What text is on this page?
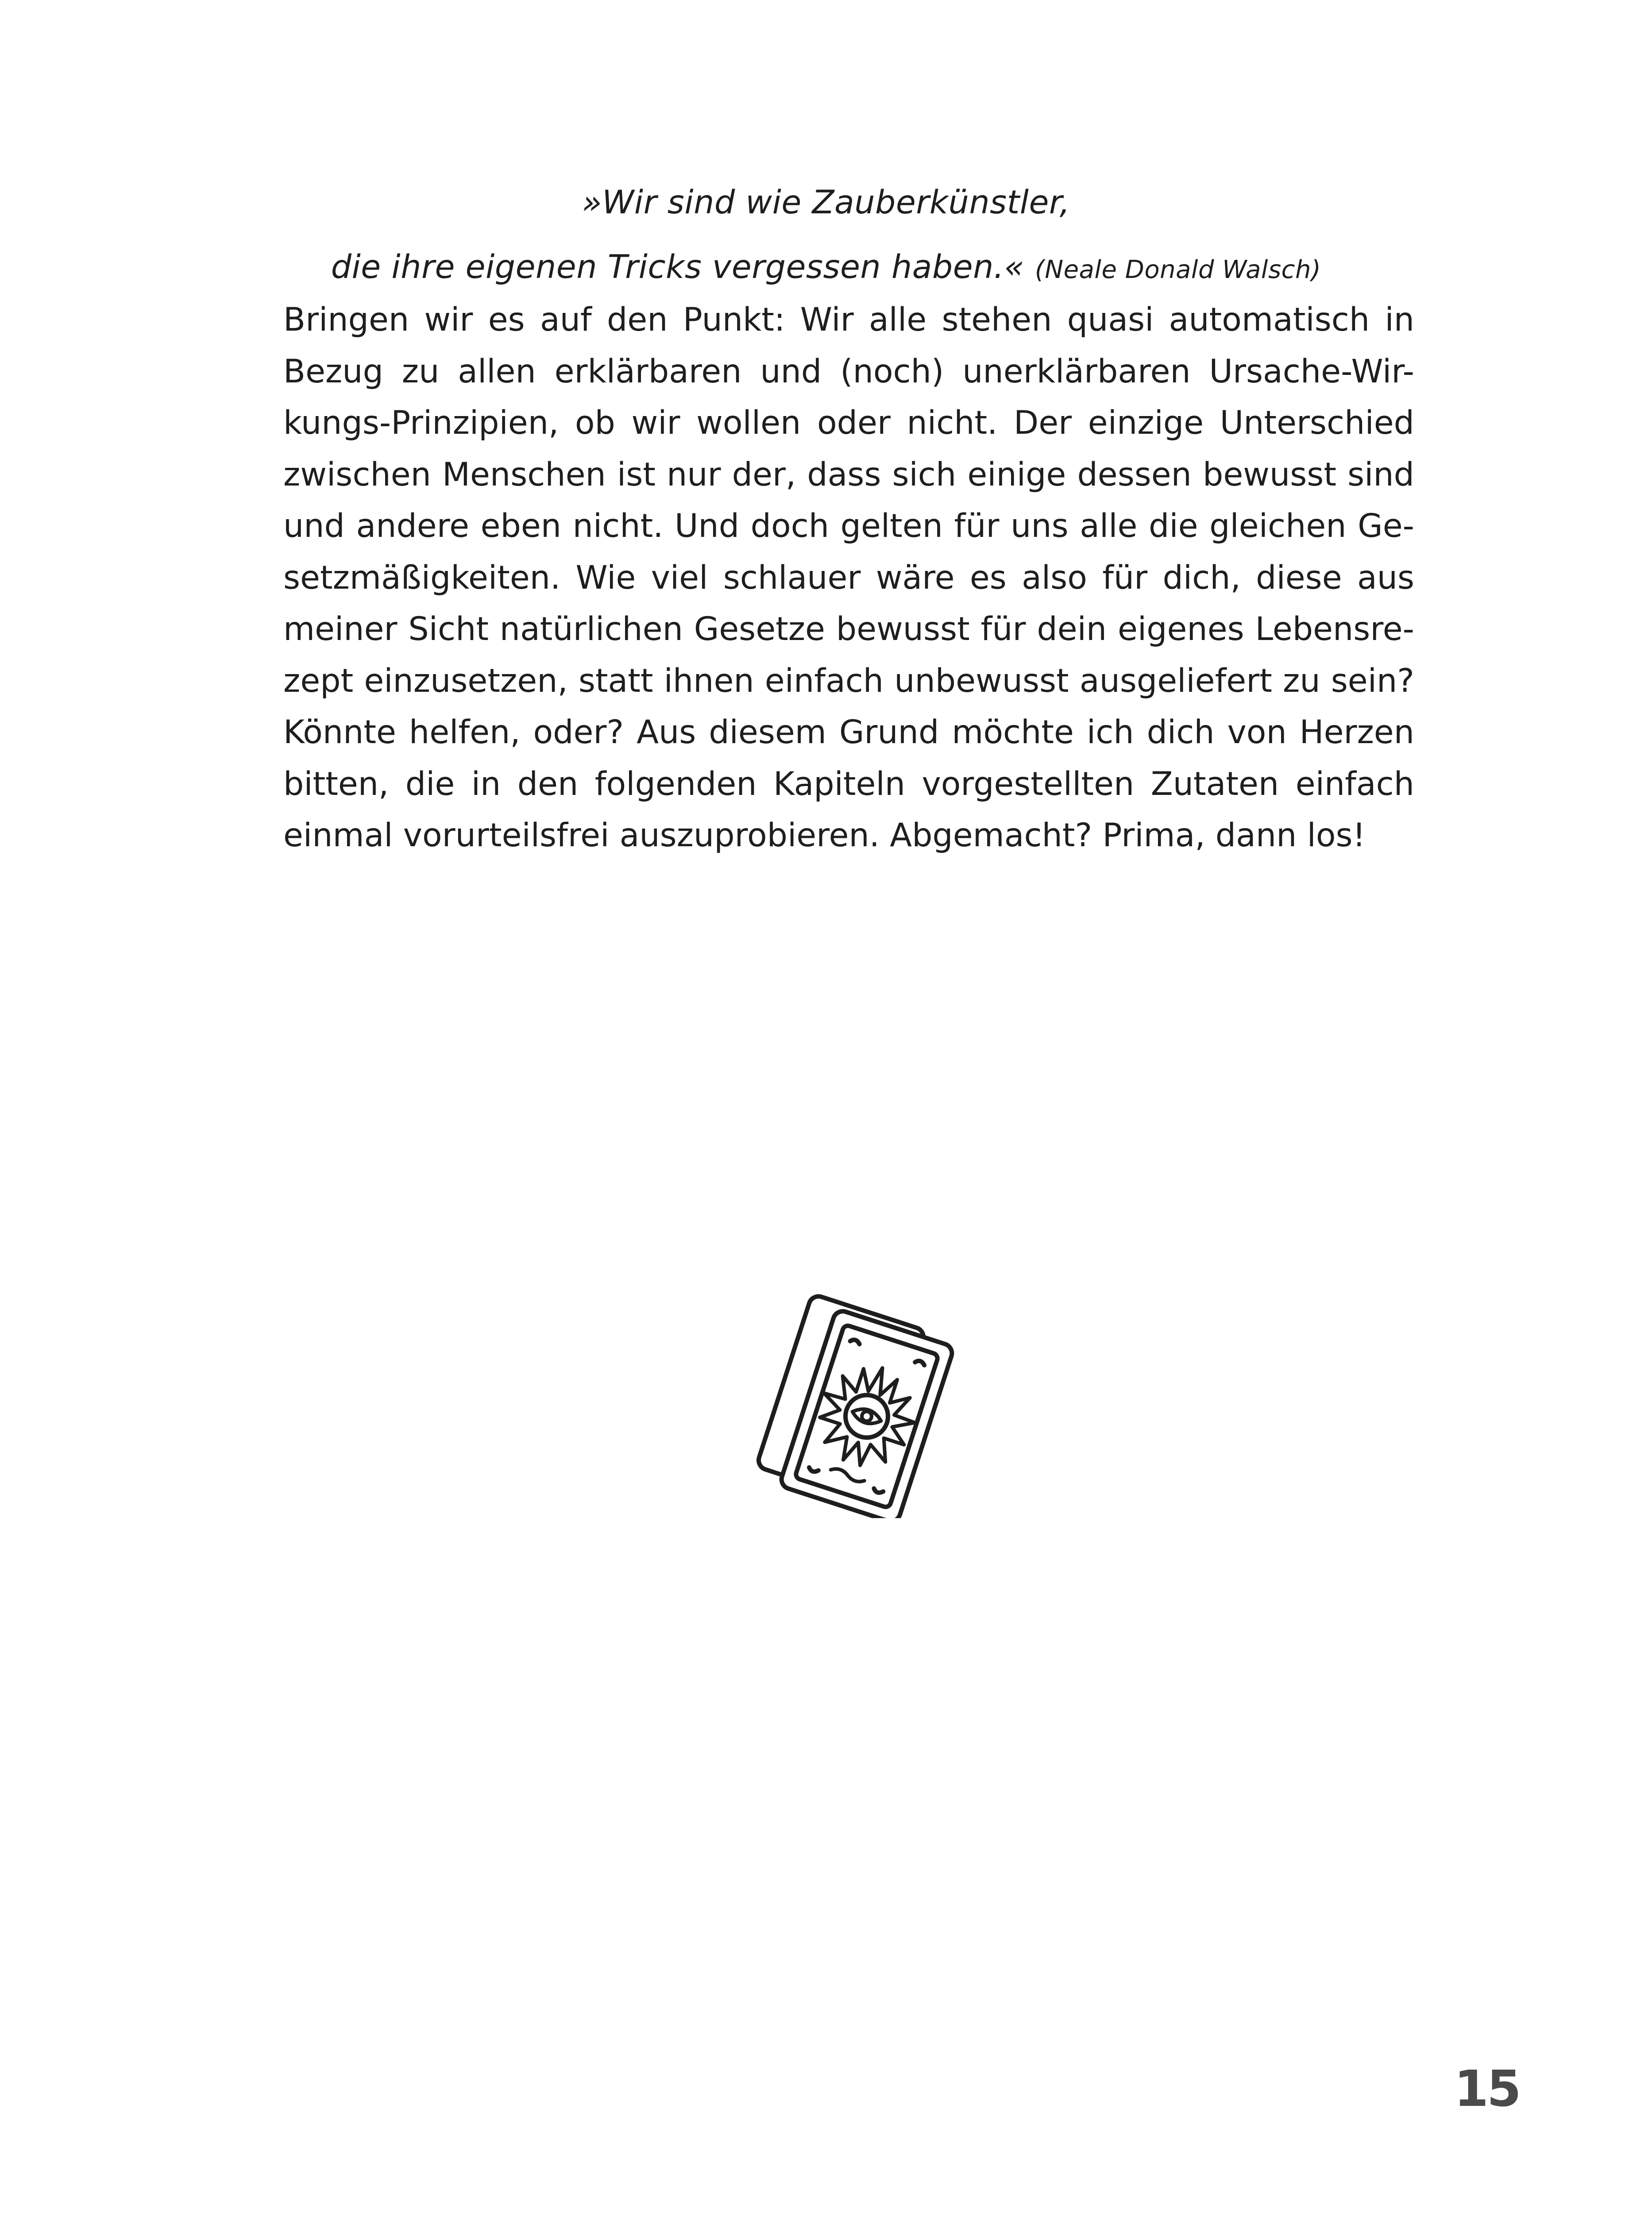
»Wir sind wie Zauberkünstler,
die ihre eigenen Tricks vergessen haben.« (Neale Donald Walsch)
Bringen wir es auf den Punkt: Wir alle stehen quasi automatisch in
Bezug zu allen erklärbaren und (noch) unerklärbaren Ursache-Wir-
kungs-Prinzipien, ob wir wollen oder nicht. Der einzige Unterschied
zwischen Menschen ist nur der, dass sich einige dessen bewusst sind
und andere eben nicht. Und doch gelten für uns alle die gleichen Ge-
setzmäßigkeiten. Wie viel schlauer wäre es also für dich, diese aus
meiner Sicht natürlichen Gesetze bewusst für dein eigenes Lebensre-
zept einzusetzen, statt ihnen einfach unbewusst ausgeliefert zu sein?
Könnte helfen, oder? Aus diesem Grund möchte ich dich von Herzen
bitten, die in den folgenden Kapiteln vorgestellten Zutaten einfach
einmal vorurteilsfrei auszuprobieren. Abgemacht? Prima, dann los!
15
